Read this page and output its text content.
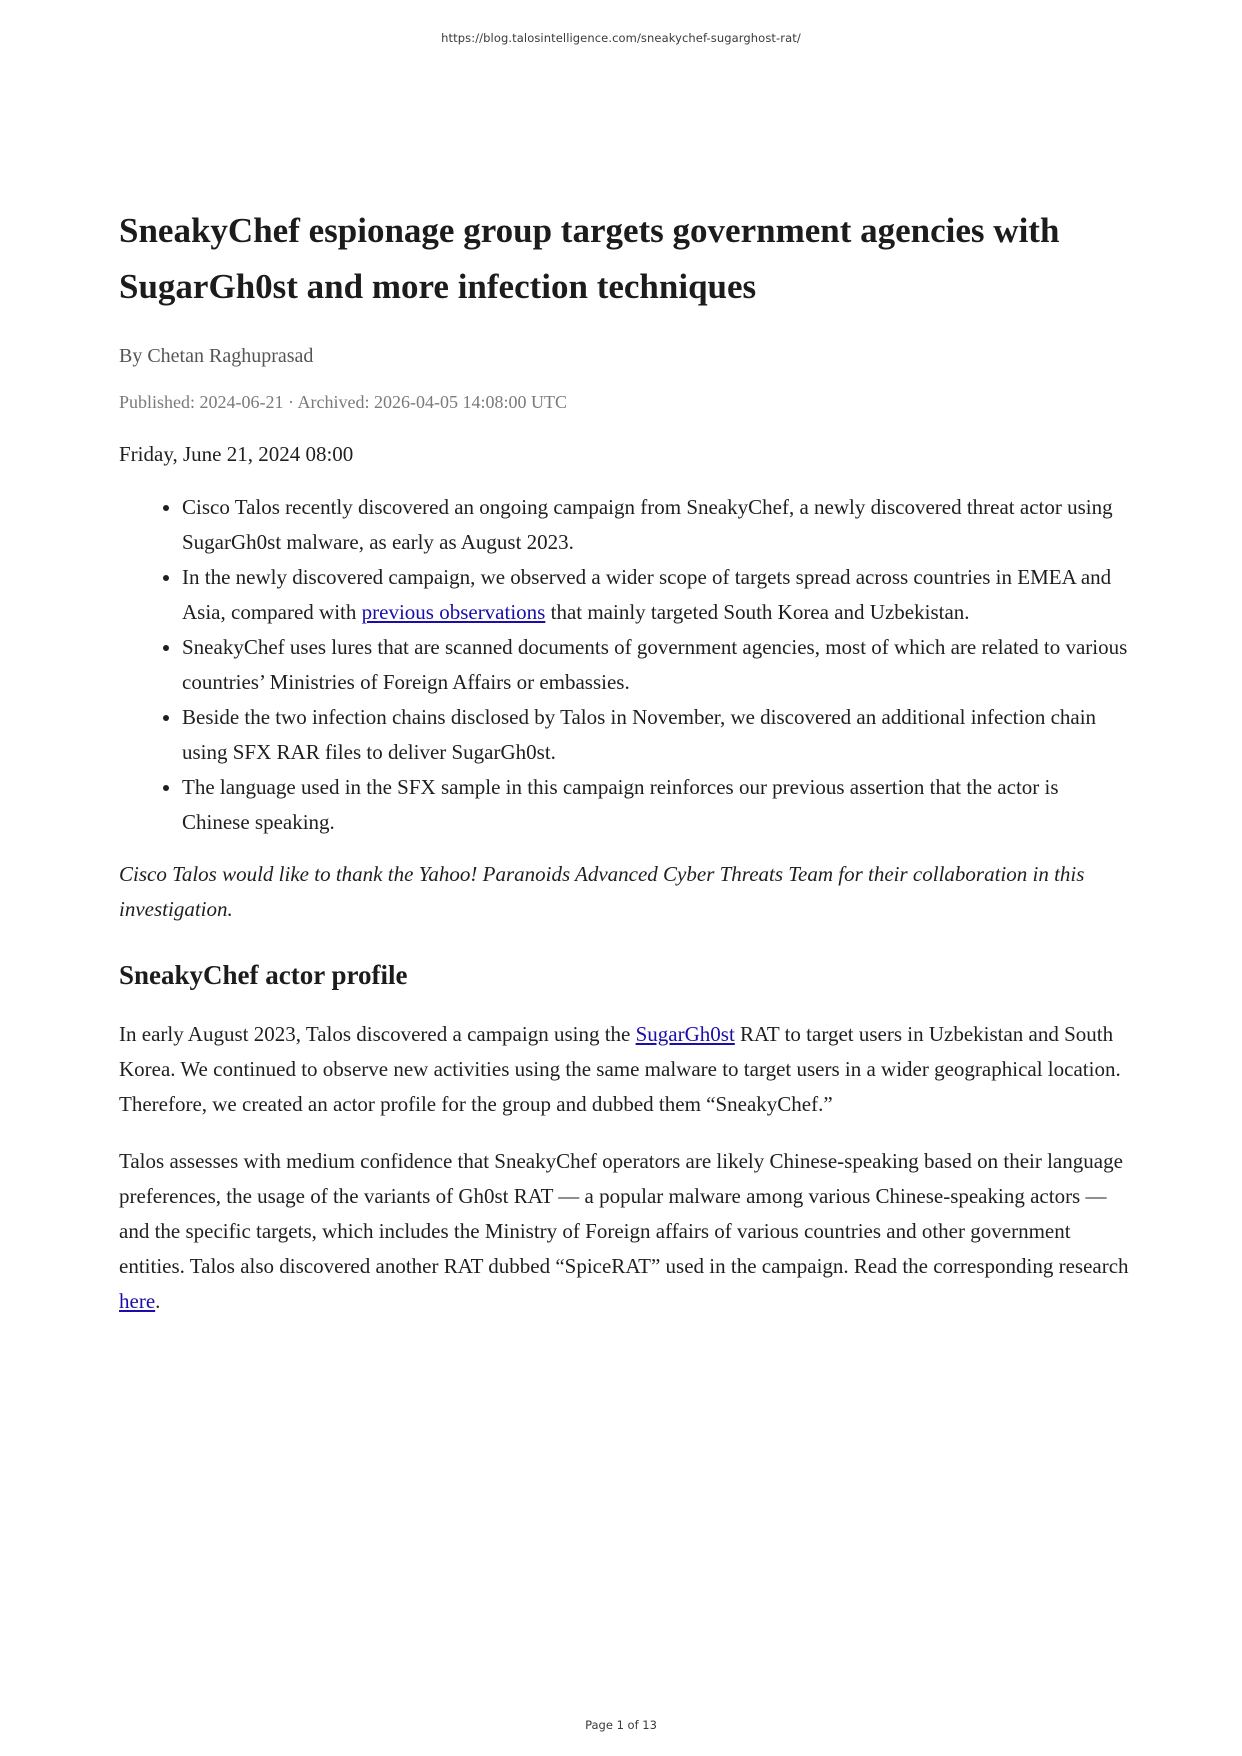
https://blog.talosintelligence.com/sneakychef-sugarghost-rat/
SneakyChef espionage group targets government agencies with SugarGh0st and more infection techniques
By Chetan Raghuprasad
Published: 2024-06-21 · Archived: 2026-04-05 14:08:00 UTC
Friday, June 21, 2024 08:00
• Cisco Talos recently discovered an ongoing campaign from SneakyChef, a newly discovered threat actor using SugarGh0st malware, as early as August 2023.
• In the newly discovered campaign, we observed a wider scope of targets spread across countries in EMEA and Asia, compared with previous observations that mainly targeted South Korea and Uzbekistan.
• SneakyChef uses lures that are scanned documents of government agencies, most of which are related to various countries’ Ministries of Foreign Affairs or embassies.
• Beside the two infection chains disclosed by Talos in November, we discovered an additional infection chain using SFX RAR files to deliver SugarGh0st.
• The language used in the SFX sample in this campaign reinforces our previous assertion that the actor is Chinese speaking.
Cisco Talos would like to thank the Yahoo! Paranoids Advanced Cyber Threats Team for their collaboration in this investigation.
SneakyChef actor profile

In early August 2023, Talos discovered a campaign using the SugarGh0st RAT to target users in Uzbekistan and South Korea. We continued to observe new activities using the same malware to target users in a wider geographical location. Therefore, we created an actor profile for the group and dubbed them “SneakyChef.”

Talos assesses with medium confidence that SneakyChef operators are likely Chinese-speaking based on their language preferences, the usage of the variants of Gh0st RAT — a popular malware among various Chinese-speaking actors — and the specific targets, which includes the Ministry of Foreign affairs of various countries and other government entities. Talos also discovered another RAT dubbed “SpiceRAT” used in the campaign. Read the corresponding research here.

Page 1 of 13
